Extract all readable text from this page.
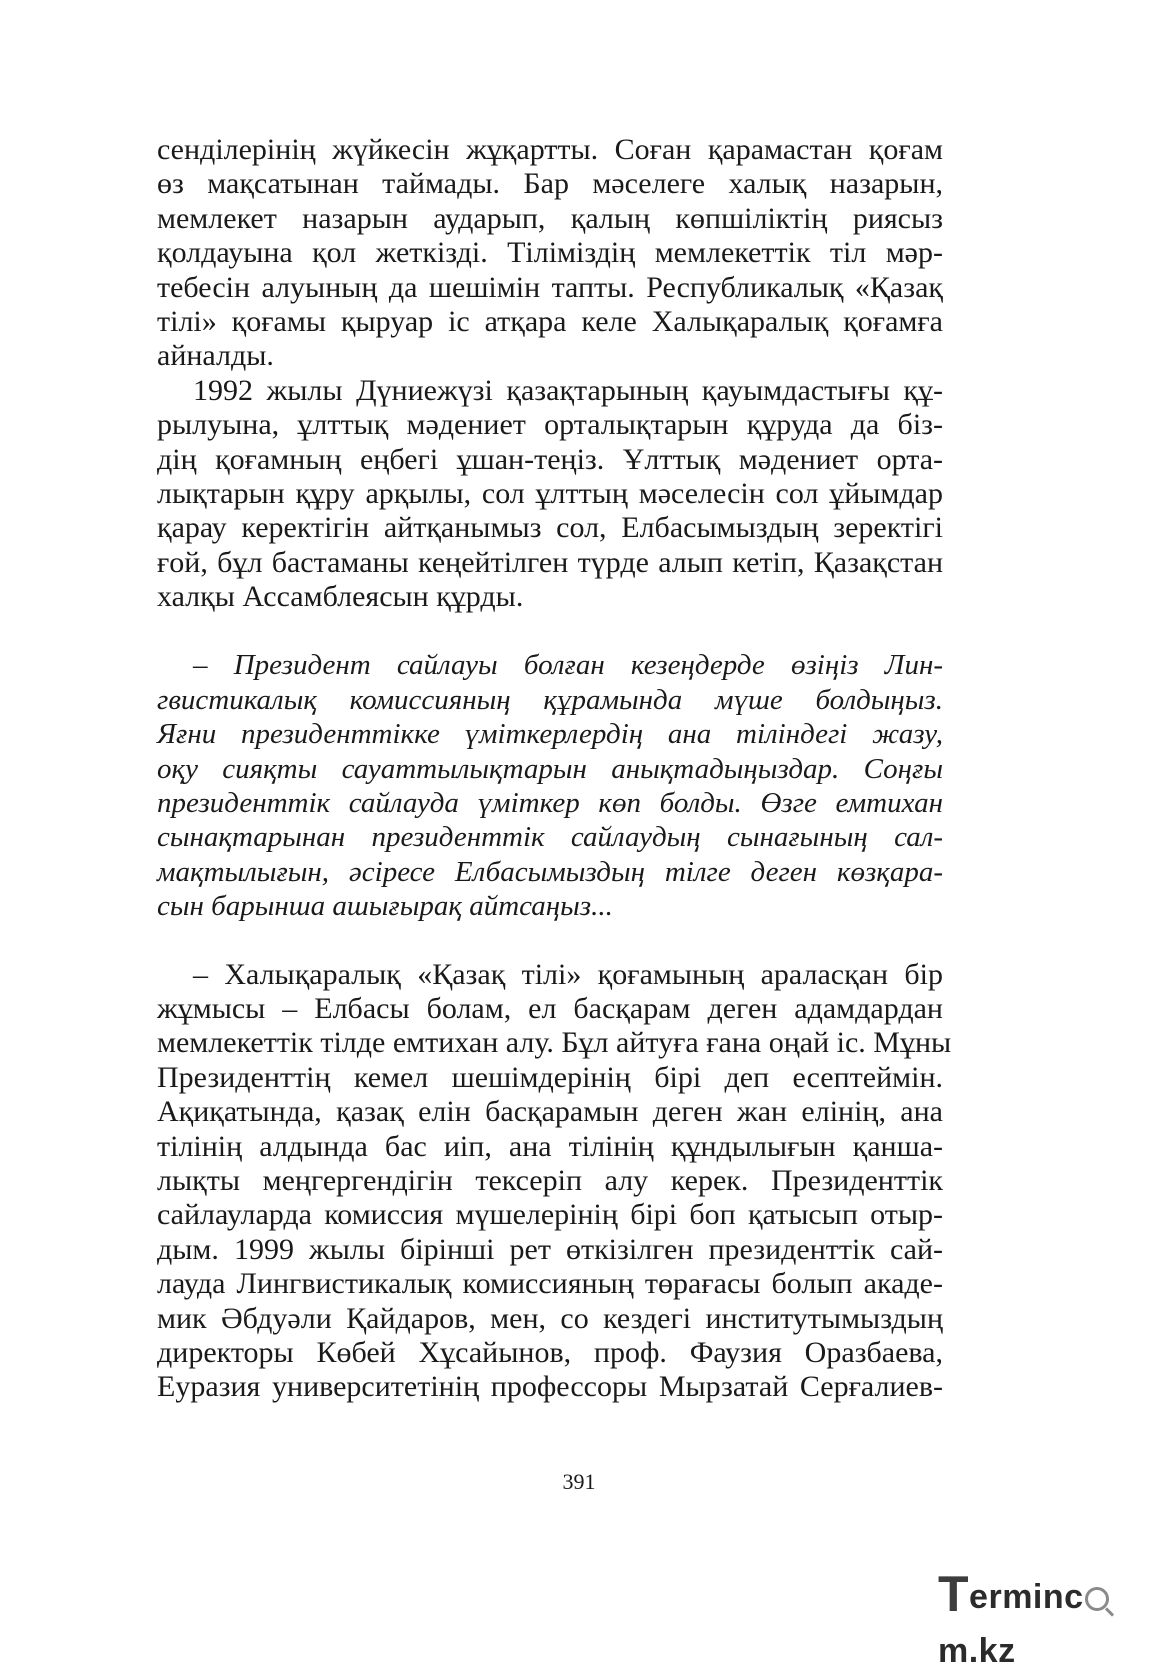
сенділерінің жүйкесін жұқартты. Соған қарамастан қоғам
өз мақсатынан таймады. Бар мәселеге халық назарын,
мемлекет назарын аударып, қалың көпшіліктің риясыз
қолдауына қол жеткізді. Тіліміздің мемлекеттік тіл мәр-
тебесін алуының да шешімін тапты. Республикалық «Қазақ
тілі» қоғамы қыруар іс атқара келе Халықаралық қоғамға
айналды.
1992 жылы Дүниежүзі қазақтарының қауымдастығы құ-
рылуына, ұлттық мәдениет орталықтарын құруда да біз-
дің қоғамның еңбегі ұшан-теңіз. Ұлттық мәдениет орта-
лықтарын құру арқылы, сол ұлттың мәселесін сол ұйымдар
қарау керектігін айтқанымыз сол, Елбасымыздың зеректігі
ғой, бұл бастаманы кеңейтілген түрде алып кетіп, Қазақстан
халқы Ассамблеясын құрды.
– Президент сайлауы болған кезеңдерде өзіңіз Лин-
гвистикалық комиссияның құрамында мүше болдыңыз.
Яғни президенттікке үміткерлердің ана тіліндегі жазу,
оқу сияқты сауаттылықтарын анықтадыңыздар. Соңғы
президенттік сайлауда үміткер көп болды. Өзге емтихан
сынақтарынан президенттік сайлаудың сынағының сал-
мақтылығын, әсіресе Елбасымыздың тілге деген көзқара-
сын барынша ашығырақ айтсаңыз...
– Халықаралық «Қазақ тілі» қоғамының араласқан бір
жұмысы – Елбасы болам, ел басқарам деген адамдардан
мемлекеттік тілде емтихан алу. Бұл айтуға ғана оңай іс. Мұны
Президенттің кемел шешімдерінің бірі деп есептеймін.
Ақиқатында, қазақ елін басқарамын деген жан елінің, ана
тілінің алдында бас иіп, ана тілінің құндылығын қанша-
лықты меңгергендігін тексеріп алу керек. Президенттік
сайлауларда комиссия мүшелерінің бірі боп қатысып отыр-
дым. 1999 жылы бірінші рет өткізілген президенттік сай-
лауда Лингвистикалық комиссияның төрағасы болып акаде-
мик Әбдуәли Қайдаров, мен, со кездегі институтымыздың
директоры Көбей Хұсайынов, проф. Фаузия Оразбаева,
Еуразия университетінің профессоры Мырзатай Серғалиев-
391
Termincm.kz
